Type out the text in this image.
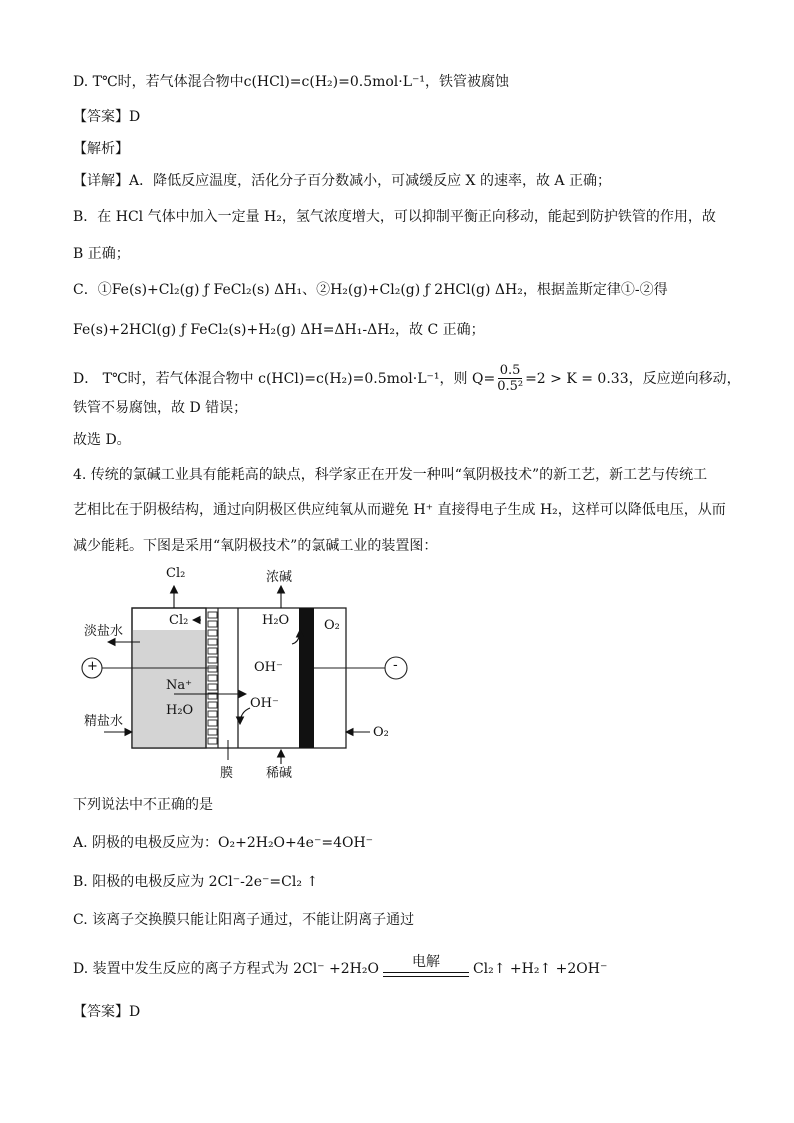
D. T℃时，若气体混合物中c(HCl)=c(H₂)=0.5mol·L⁻¹，铁管被腐蚀
【答案】D
【解析】
【详解】A．降低反应温度，活化分子百分数减小，可减缓反应 X 的速率，故 A 正确；
B．在 HCl 气体中加入一定量 H₂，氢气浓度增大，可以抑制平衡正向移动，能起到防护铁管的作用，故
B 正确；
C．①Fe(s)+Cl₂(g) ƒ FeCl₂(s) ΔH₁、②H₂(g)+Cl₂(g) ƒ 2HCl(g) ΔH₂，根据盖斯定律①-②得
Fe(s)+2HCl(g) ƒ FeCl₂(s)+H₂(g) ΔH=ΔH₁-ΔH₂，故 C 正确；
D． T℃时，若气体混合物中 c(HCl)=c(H₂)=0.5mol·L⁻¹，则 $Q= \frac{0.5}{\text{0.5²}} =2 > K = 0.33$，反应逆向移动，
铁管不易腐蚀，故 D 错误；
故选 D。
4. 传统的氯碱工业具有能耗高的缺点，科学家正在开发一种叫“氧阴极技术”的新工艺，新工艺与传统工
艺相比在于阴极结构，通过向阴极区供应纯氧从而避免 H⁺ 直接得电子生成 H₂，这样可以降低电压，从而
减少能耗。下图是采用“氧阴极技术”的氯碱工业的装置图：
Cl₂	浓碱
淡盐水
Cl₂	H₂O	O₂
+	-
OH⁻
Na⁺
OH⁻
精盐水
H₂O
O₂
膜	稀碱
下列说法中不正确的是
A. 阴极的电极反应为：O₂+2H₂O+4e⁻=4OH⁻
B. 阳极的电极反应为 2Cl⁻-2e⁻=Cl₂ ↑
C. 该离子交换膜只能让阳离子通过，不能让阴离子通过
D. 装置中发生反应的离子方程式为 2Cl⁻ +2H₂O 电解 Cl₂↑ +H₂↑ +2OH⁻
【答案】D
